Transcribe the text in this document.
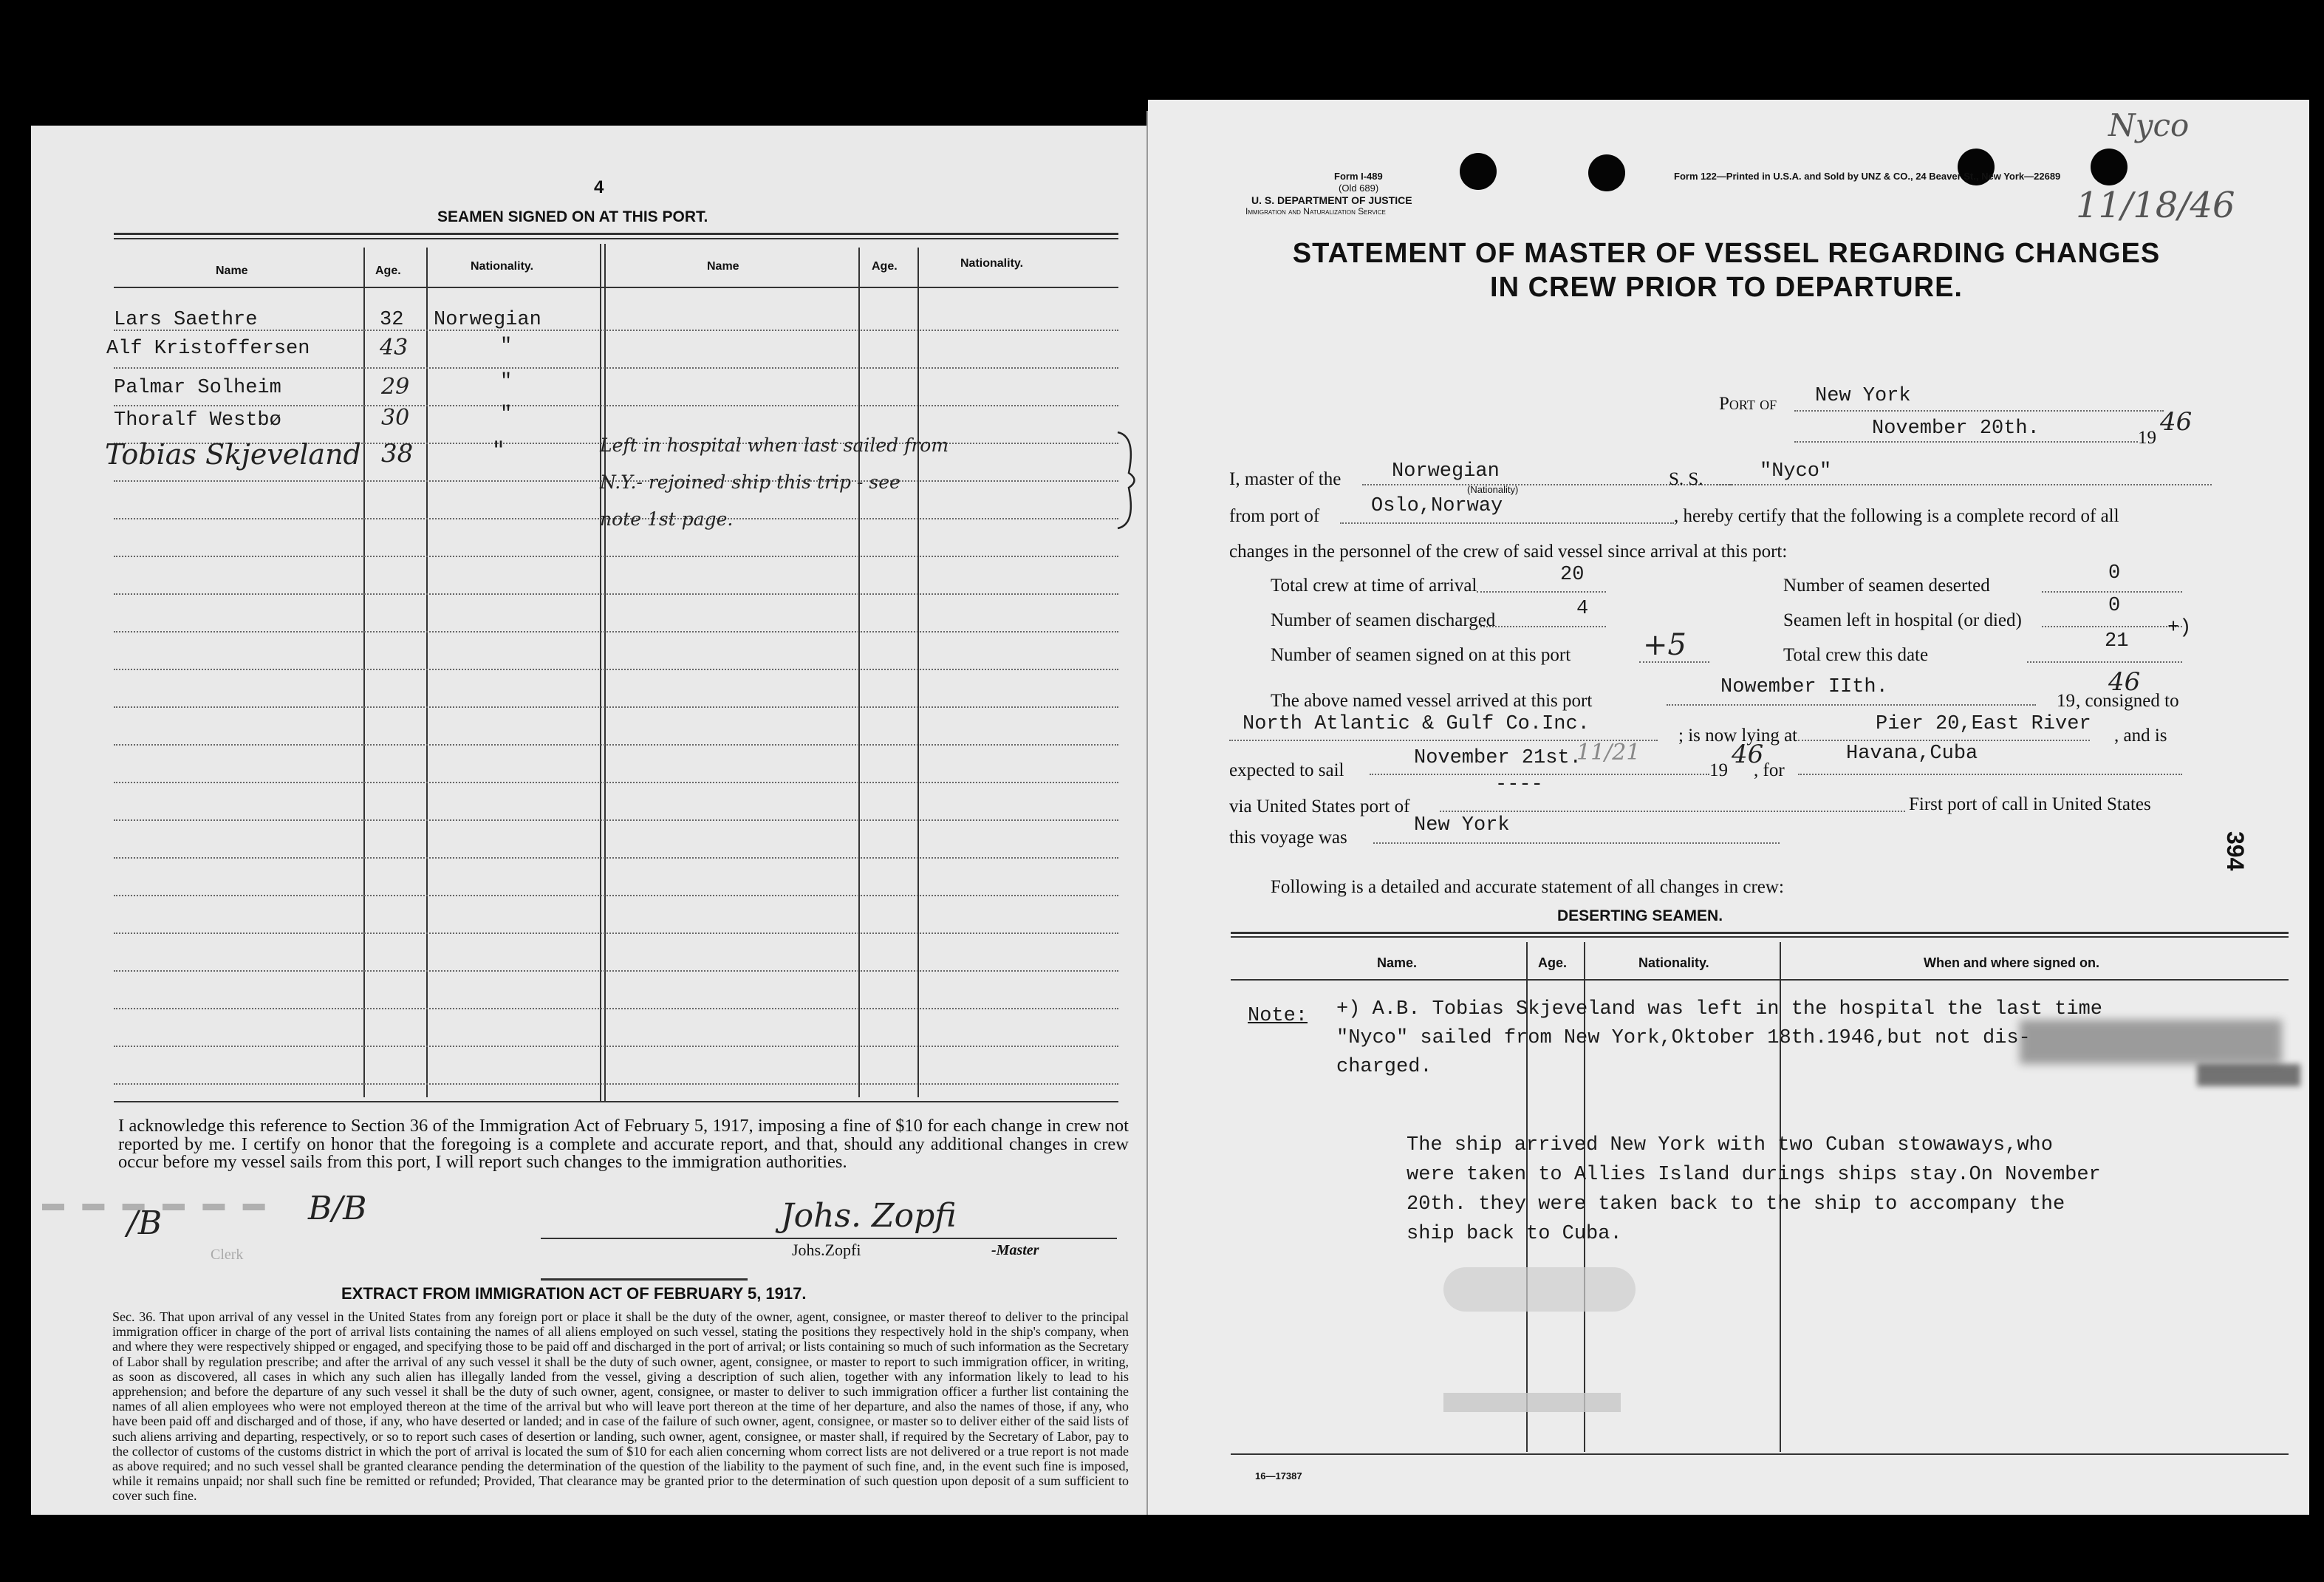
4
SEAMEN SIGNED ON AT THIS PORT.
Name	Age.	Nationality.	Name	Age.	Nationality.
Lars Saethre	32 Norwegian
Alf Kristoffersen	43	"
Palmar Solheim	29	"
Thoralf Westbø	30	"
Tobias Skjeveland 38	"	Left in hospital when last sailed from
N.Y.- rejoined ship this trip - see
note 1st page.
I acknowledge this reference to Section 36 of the Immigration Act of February 5, 1917, imposing a fine of $10 for each change in crew not reported by me. I certify on honor that the foregoing is a complete and accurate report, and that, should any additional changes in crew occur before my vessel sails from this port, I will report such changes to the immigration authorities.
Johs. Zopfi
Johs.Zopfi	-Master
▬ ▬ ▬ ▬ ▬ ▬
/B	B/B
Clerk
EXTRACT FROM IMMIGRATION ACT OF FEBRUARY 5, 1917.
Sec. 36. That upon arrival of any vessel in the United States from any foreign port or place it shall be the duty of the owner, agent, consignee, or master thereof to deliver to the principal immigration officer in charge of the port of arrival lists containing the names of all aliens employed on such vessel, stating the positions they respectively hold in the ship's company, when and where they were respectively shipped or engaged, and specifying those to be paid off and discharged in the port of arrival; or lists containing so much of such information as the Secretary of Labor shall by regulation prescribe; and after the arrival of any such vessel it shall be the duty of such owner, agent, consignee, or master to report to such immigration officer, in writing, as soon as discovered, all cases in which any such alien has illegally landed from the vessel, giving a description of such alien, together with any information likely to lead to his apprehension; and before the departure of any such vessel it shall be the duty of such owner, agent, consignee, or master to deliver to such immigration officer a further list containing the names of all alien employees who were not employed thereon at the time of the arrival but who will leave port thereon at the time of her departure, and also the names of those, if any, who have been paid off and discharged and of those, if any, who have deserted or landed; and in case of the failure of such owner, agent, consignee, or master so to deliver either of the said lists of such aliens arriving and departing, respectively, or so to report such cases of desertion or landing, such owner, agent, consignee, or master shall, if required by the Secretary of Labor, pay to the collector of customs of the customs district in which the port of arrival is located the sum of $10 for each alien concerning whom correct lists are not delivered or a true report is not made as above required; and no such vessel shall be granted clearance pending the determination of the question of the liability to the payment of such fine, and, in the event such fine is imposed, while it remains unpaid; nor shall such fine be remitted or refunded; Provided, That clearance may be granted prior to the determination of such question upon deposit of a sum sufficient to cover such fine.
Form I-489
(Old 689)
U. S. DEPARTMENT OF JUSTICE
Immigration and Naturalization Service
Form 122—Printed in U.S.A. and Sold by UNZ & CO., 24 Beaver St., New York—22689
Nyco
11/18/46
STATEMENT OF MASTER OF VESSEL REGARDING CHANGES
IN CREW PRIOR TO DEPARTURE.
Port of New York
November 20th.	19
46
I, master of the	Norwegian
(Nationality)
S. S.	"Nyco"
from port of	Oslo,Norway	, hereby certify that the following is a complete record of all
changes in the personnel of the crew of said vessel since arrival at this port:
Total crew at time of arrival	20
Number of seamen discharged
4
Number of seamen signed on at this port +5
Number of seamen deserted
0
Seamen left in hospital (or died)
0
Total crew this date
21
+)
The above named vessel arrived at this port
Nowember IIth.
19
46
, consigned to
North Atlantic & Gulf Co.Inc.
; is now lying at
Pier 20,East River
, and is
expected to sail
November 21st.
11/21
19
46
, for
Havana,Cuba
----
via United States port of	First port of call in United States
this voyage was
New York
394
Following is a detailed and accurate statement of all changes in crew:
DESERTING SEAMEN.
Name.	Age.	Nationality.	When and where signed on.
Note: +) A.B. Tobias Skjeveland was left in the hospital the last time
"Nyco" sailed from New York,Oktober 18th.1946,but not dis-
charged.
The ship arrived New York with two Cuban stowaways,who
were taken to Allies Island durings ships stay.On November
20th. they were taken back to the ship to accompany the
ship back to Cuba.
16—17387
